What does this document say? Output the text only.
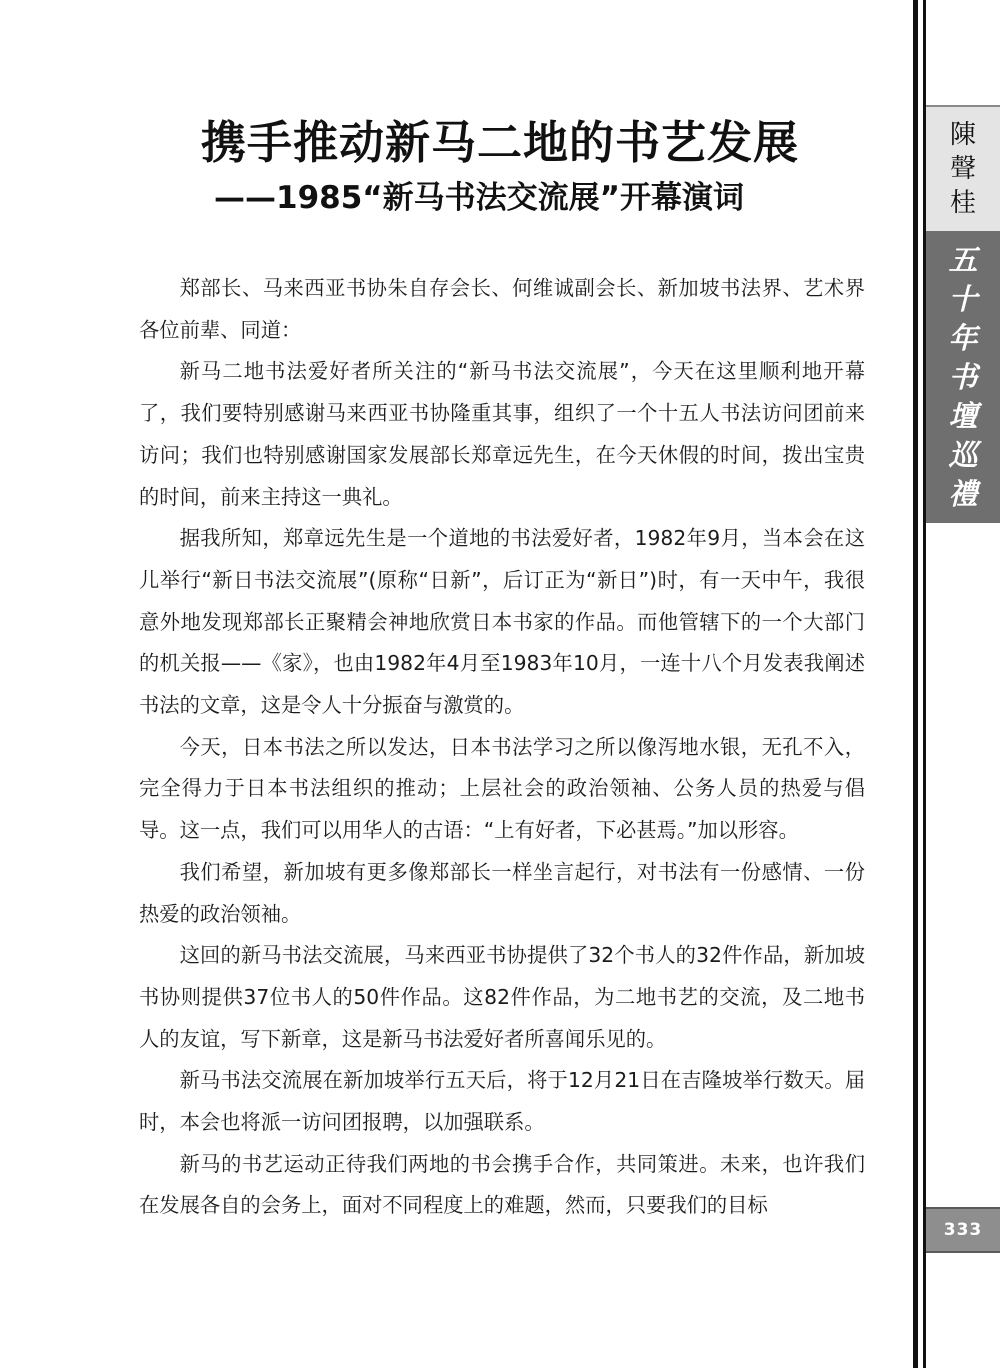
携手推动新马二地的书艺发展
——1985“新马书法交流展”开幕演词

郑部长、马来西亚书协朱自存会长、何维诚副会长、新加坡书法界、艺术界各位前辈、同道：

新马二地书法爱好者所关注的“新马书法交流展”，今天在这里顺利地开幕了，我们要特别感谢马来西亚书协隆重其事，组织了一个十五人书法访问团前来访问；我们也特别感谢国家发展部长郑章远先生，在今天休假的时间，拨出宝贵的时间，前来主持这一典礼。

据我所知，郑章远先生是一个道地的书法爱好者，1982年9月，当本会在这儿举行“新日书法交流展”(原称“日新”，后订正为“新日”)时，有一天中午，我很意外地发现郑部长正聚精会神地欣赏日本书家的作品。而他管辖下的一个大部门的机关报——《家》，也由1982年4月至1983年10月，一连十八个月发表我阐述书法的文章，这是令人十分振奋与激赏的。

今天，日本书法之所以发达，日本书法学习之所以像泻地水银，无孔不入，完全得力于日本书法组织的推动；上层社会的政治领袖、公务人员的热爱与倡导。这一点，我们可以用华人的古语：“上有好者，下必甚焉。”加以形容。

我们希望，新加坡有更多像郑部长一样坐言起行，对书法有一份感情、一份热爱的政治领袖。

这回的新马书法交流展，马来西亚书协提供了32个书人的32件作品，新加坡书协则提供37位书人的50件作品。这82件作品，为二地书艺的交流，及二地书人的友谊，写下新章，这是新马书法爱好者所喜闻乐见的。

新马书法交流展在新加坡举行五天后，将于12月21日在吉隆坡举行数天。届时，本会也将派一访问团报聘，以加强联系。

新马的书艺运动正待我们两地的书会携手合作，共同策进。未来，也许我们在发展各自的会务上，面对不同程度上的难题，然而，只要我们的目标

陳
聲
桂
五
十
年
书
壇
巡
禮
333
